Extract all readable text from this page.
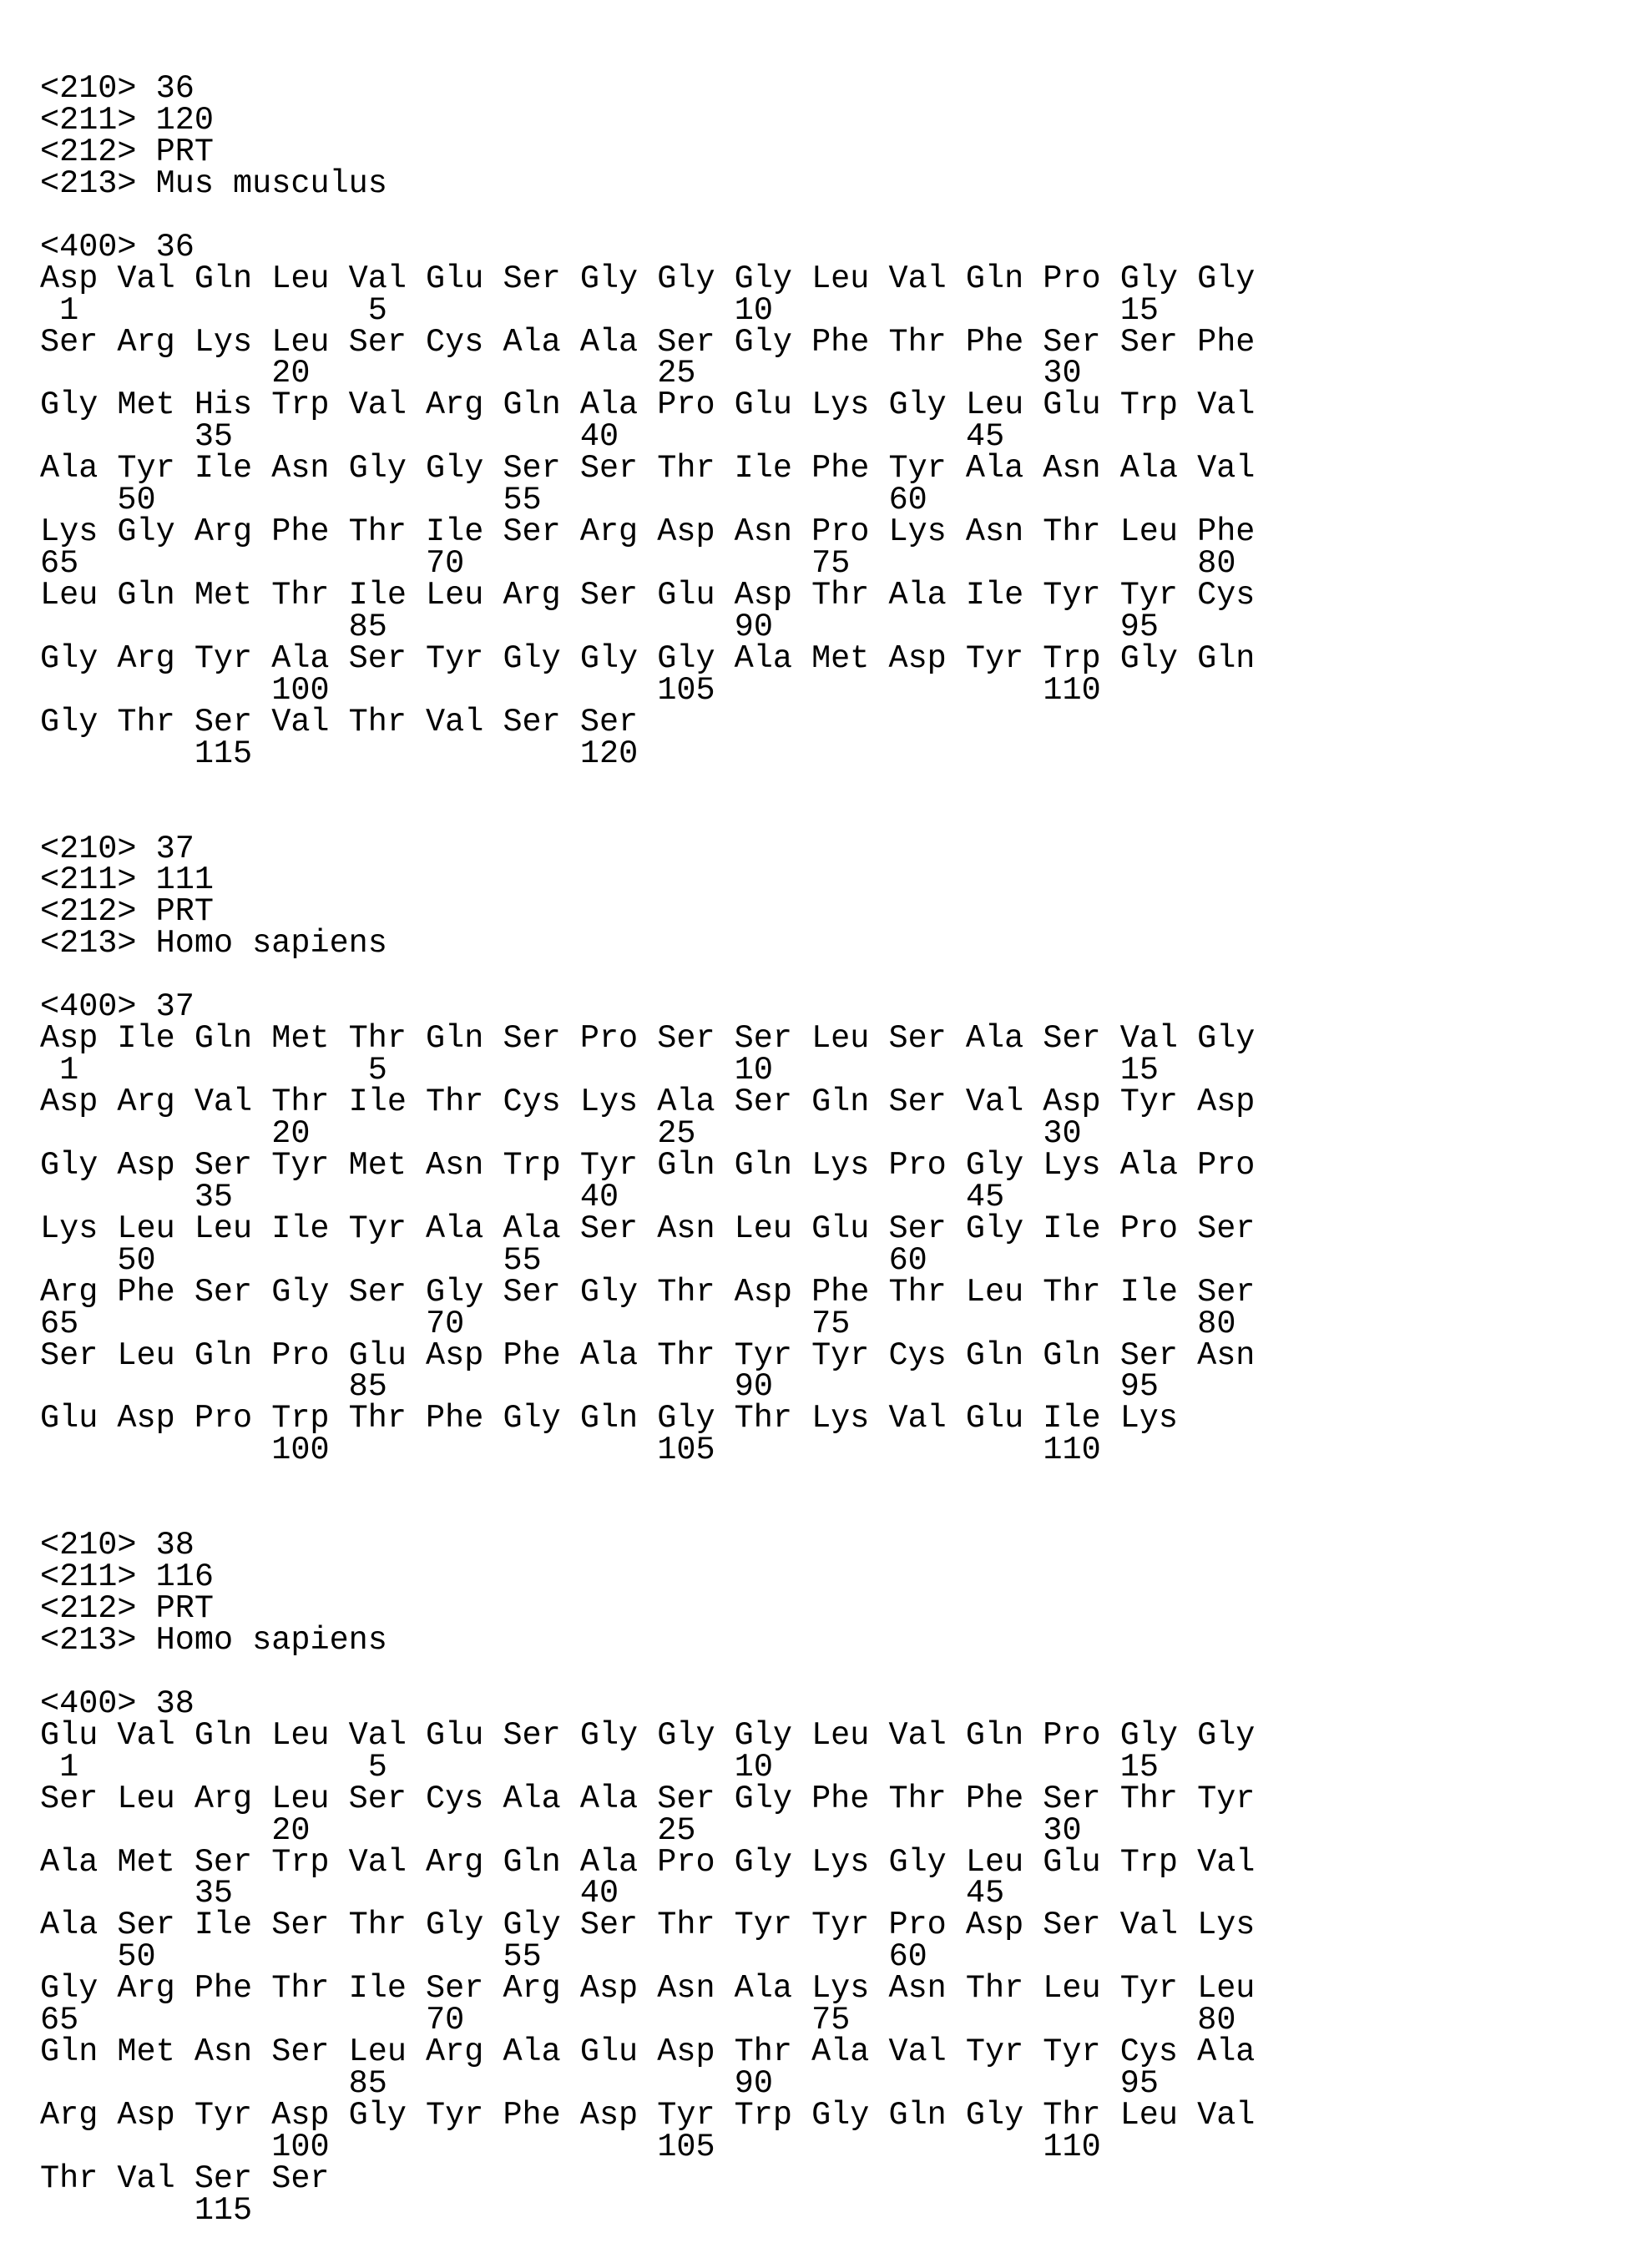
<210> 36
<211> 120
<212> PRT
<213> Mus musculus
<400> 36
Asp Val Gln Leu Val Glu Ser Gly Gly Gly Leu Val Gln Pro Gly Gly
1	5	10	15
Ser Arg Lys Leu Ser Cys Ala Ala Ser Gly Phe Thr Phe Ser Ser Phe
20	25	30
Gly Met His Trp Val Arg Gln Ala Pro Glu Lys Gly Leu Glu Trp Val
35	40	45
Ala Tyr Ile Asn Gly Gly Ser Ser Thr Ile Phe Tyr Ala Asn Ala Val
50	55	60
Lys Gly Arg Phe Thr Ile Ser Arg Asp Asn Pro Lys Asn Thr Leu Phe
65	70	75	80
Leu Gln Met Thr Ile Leu Arg Ser Glu Asp Thr Ala Ile Tyr Tyr Cys
85	90	95
Gly Arg Tyr Ala Ser Tyr Gly Gly Gly Ala Met Asp Tyr Trp Gly Gln
100	105	110
Gly Thr Ser Val Thr Val Ser Ser
115	120
<210> 37
<211> 111
<212> PRT
<213> Homo sapiens
<400> 37
Asp Ile Gln Met Thr Gln Ser Pro Ser Ser Leu Ser Ala Ser Val Gly
1	5	10	15
Asp Arg Val Thr Ile Thr Cys Lys Ala Ser Gln Ser Val Asp Tyr Asp
20	25	30
Gly Asp Ser Tyr Met Asn Trp Tyr Gln Gln Lys Pro Gly Lys Ala Pro
35	40	45
Lys Leu Leu Ile Tyr Ala Ala Ser Asn Leu Glu Ser Gly Ile Pro Ser
50	55	60
Arg Phe Ser Gly Ser Gly Ser Gly Thr Asp Phe Thr Leu Thr Ile Ser
65	70	75	80
Ser Leu Gln Pro Glu Asp Phe Ala Thr Tyr Tyr Cys Gln Gln Ser Asn
85	90	95
Glu Asp Pro Trp Thr Phe Gly Gln Gly Thr Lys Val Glu Ile Lys
100	105	110
<210> 38
<211> 116
<212> PRT
<213> Homo sapiens
<400> 38
Glu Val Gln Leu Val Glu Ser Gly Gly Gly Leu Val Gln Pro Gly Gly
1	5	10	15
Ser Leu Arg Leu Ser Cys Ala Ala Ser Gly Phe Thr Phe Ser Thr Tyr
20	25	30
Ala Met Ser Trp Val Arg Gln Ala Pro Gly Lys Gly Leu Glu Trp Val
35	40	45
Ala Ser Ile Ser Thr Gly Gly Ser Thr Tyr Tyr Pro Asp Ser Val Lys
50	55	60
Gly Arg Phe Thr Ile Ser Arg Asp Asn Ala Lys Asn Thr Leu Tyr Leu
65	70	75	80
Gln Met Asn Ser Leu Arg Ala Glu Asp Thr Ala Val Tyr Tyr Cys Ala
85	90	95
Arg Asp Tyr Asp Gly Tyr Phe Asp Tyr Trp Gly Gln Gly Thr Leu Val
100	105	110
Thr Val Ser Ser
115
